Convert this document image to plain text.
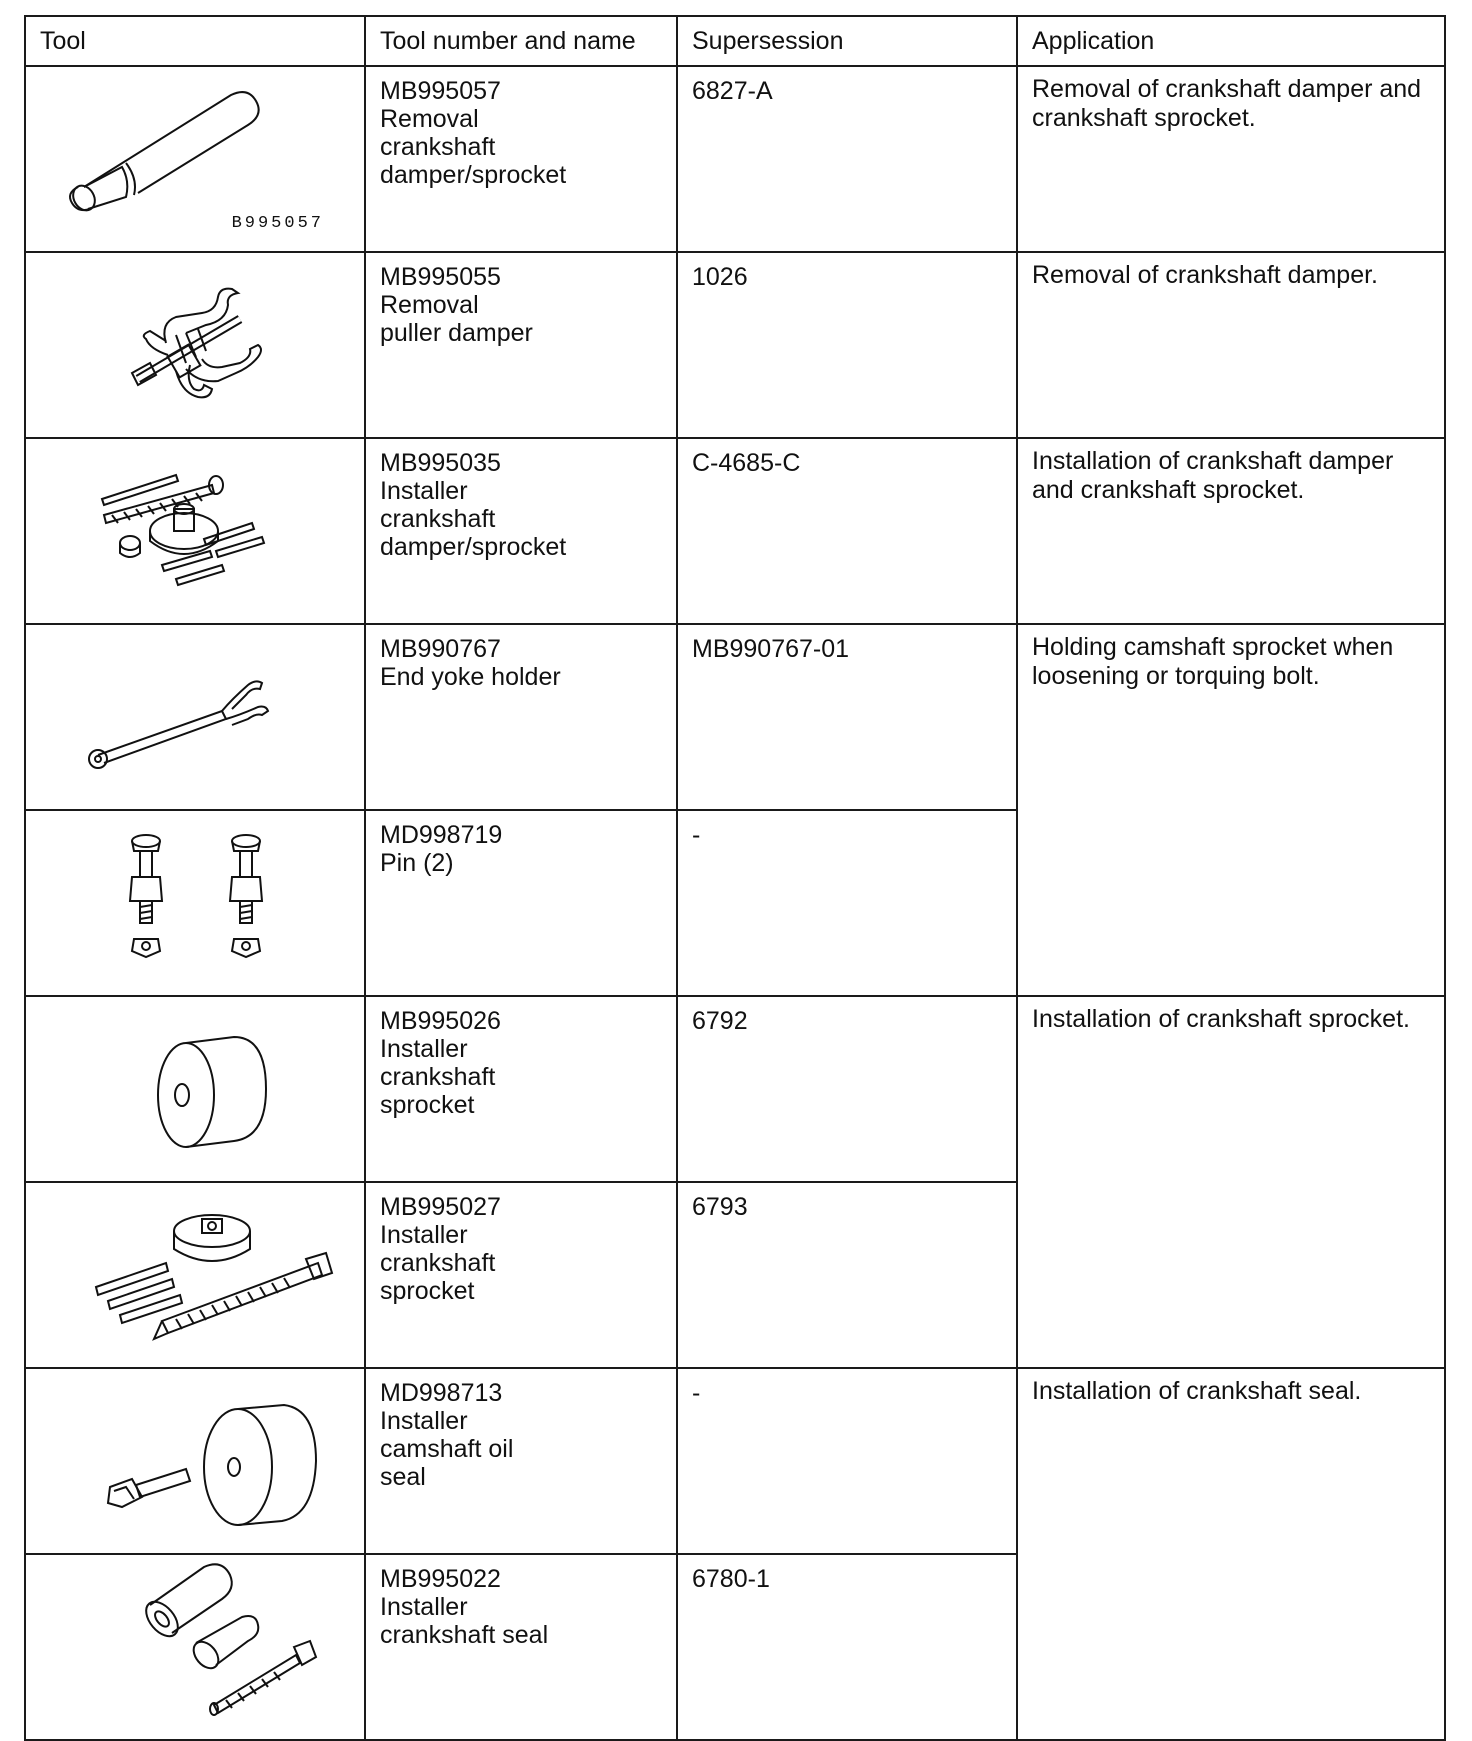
Tool	Tool number and name	Supersession	Application

B995057	MB995057
Removal
crankshaft
damper/sprocket	6827-A	Removal of crankshaft damper and crankshaft sprocket.

MB995055
Removal
puller damper	1026	Removal of crankshaft damper.

MB995035
Installer
crankshaft
damper/sprocket	C-4685-C	Installation of crankshaft damper and crankshaft sprocket.

MB990767
End yoke holder	MB990767-01	Holding camshaft sprocket when loosening or torquing bolt.

MD998719
Pin (2)	-	

MB995026
Installer
crankshaft
sprocket	6792	Installation of crankshaft sprocket.

MB995027
Installer
crankshaft
sprocket	6793	

MD998713
Installer
camshaft oil
seal	-	Installation of crankshaft seal.

MB995022
Installer
crankshaft seal	6780-1	
